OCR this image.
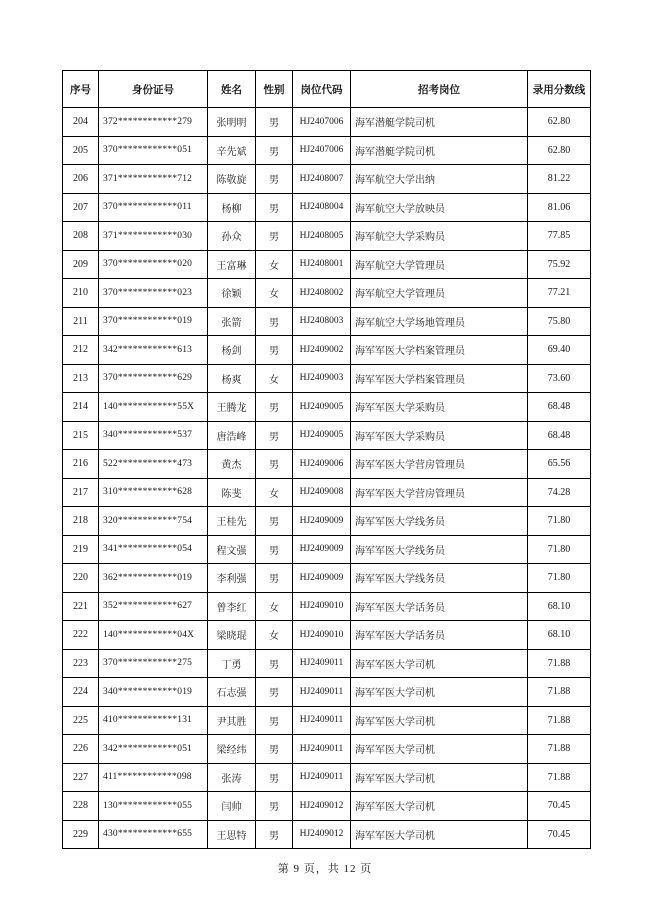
序号	身份证号	姓名	性别	岗位代码	招考岗位	录用分数线
204	372************279	张明明	男	HJ2407006	海军潜艇学院司机	62.80
205	370************051	辛先斌	男	HJ2407006	海军潜艇学院司机	62.80
206	371************712	陈敬旋	男	HJ2408007	海军航空大学出纳	81.22
207	370************011	杨柳	男	HJ2408004	海军航空大学放映员	81.06
208	371************030	孙众	男	HJ2408005	海军航空大学采购员	77.85
209	370************020	王富琳	女	HJ2408001	海军航空大学管理员	75.92
210	370************023	徐颖	女	HJ2408002	海军航空大学管理员	77.21
211	370************019	张箭	男	HJ2408003	海军航空大学场地管理员	75.80
212	342************613	杨剑	男	HJ2409002	海军军医大学档案管理员	69.40
213	370************629	杨爽	女	HJ2409003	海军军医大学档案管理员	73.60
214	140************55X	王腾龙	男	HJ2409005	海军军医大学采购员	68.48
215	340************537	唐浩峰	男	HJ2409005	海军军医大学采购员	68.48
216	522************473	黄杰	男	HJ2409006	海军军医大学营房管理员	65.56
217	310************628	陈斐	女	HJ2409008	海军军医大学营房管理员	74.28
218	320************754	王桂先	男	HJ2409009	海军军医大学线务员	71.80
219	341************054	程文强	男	HJ2409009	海军军医大学线务员	71.80
220	362************019	李利强	男	HJ2409009	海军军医大学线务员	71.80
221	352************627	曾李红	女	HJ2409010	海军军医大学话务员	68.10
222	140************04X	梁晓琨	女	HJ2409010	海军军医大学话务员	68.10
223	370************275	丁勇	男	HJ2409011	海军军医大学司机	71.88
224	340************019	石志强	男	HJ2409011	海军军医大学司机	71.88
225	410************131	尹其胜	男	HJ2409011	海军军医大学司机	71.88
226	342************051	梁经纬	男	HJ2409011	海军军医大学司机	71.88
227	411************098	张涛	男	HJ2409011	海军军医大学司机	71.88
228	130************055	闫帅	男	HJ2409012	海军军医大学司机	70.45
229	430************655	王思特	男	HJ2409012	海军军医大学司机	70.45
第 9 页，共 12 页
